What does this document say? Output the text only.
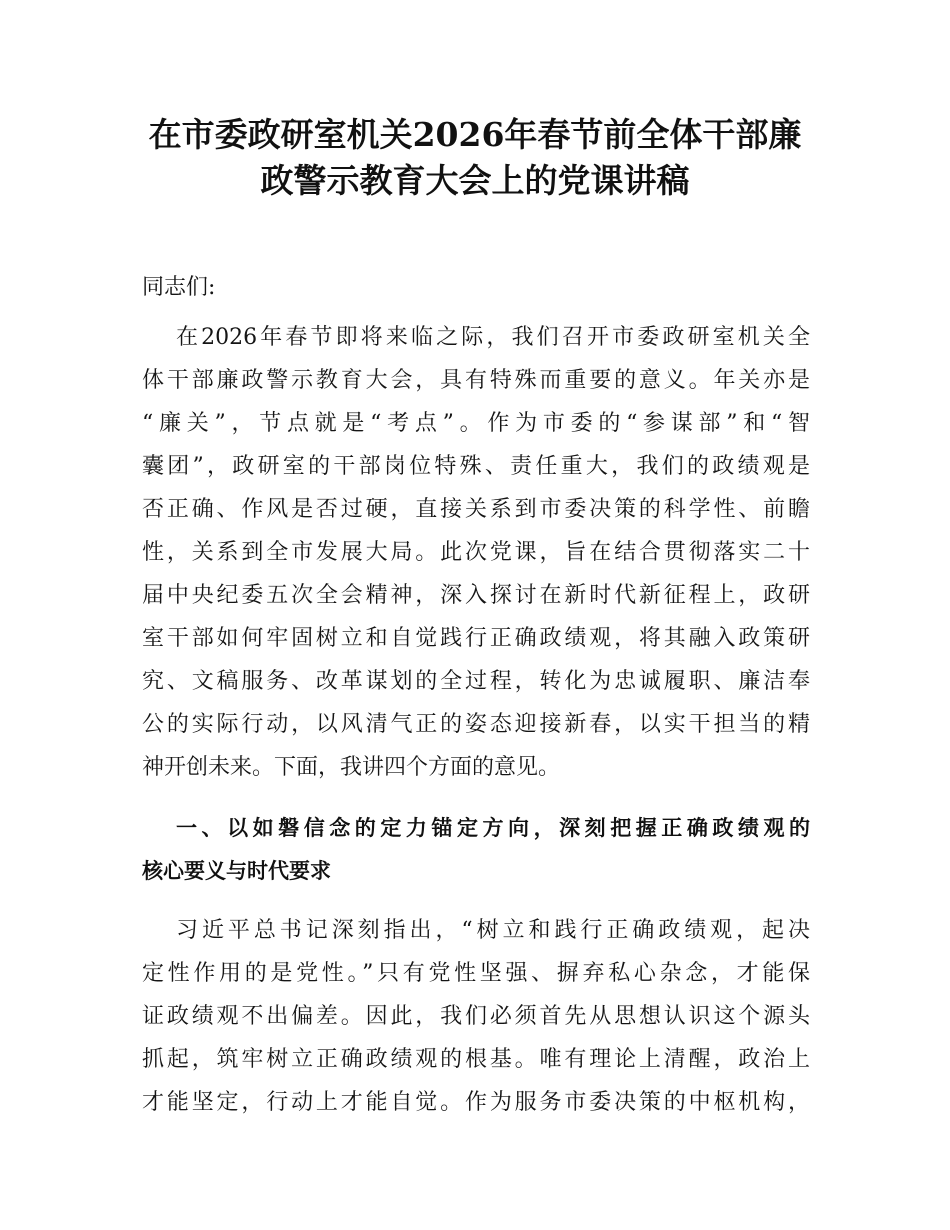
在市委政研室机关2026年春节前全体干部廉
政警示教育大会上的党课讲稿

同志们:

在2026年春节即将来临之际，我们召开市委政研室机关全

体干部廉政警示教育大会，具有特殊而重要的意义。年关亦是

“廉关”，节点就是“考点”。作为市委的“参谋部”和“智

囊团”，政研室的干部岗位特殊、责任重大，我们的政绩观是

否正确、作风是否过硬，直接关系到市委决策的科学性、前瞻

性，关系到全市发展大局。此次党课，旨在结合贯彻落实二十

届中央纪委五次全会精神，深入探讨在新时代新征程上，政研

室干部如何牢固树立和自觉践行正确政绩观，将其融入政策研

究、文稿服务、改革谋划的全过程，转化为忠诚履职、廉洁奉

公的实际行动，以风清气正的姿态迎接新春，以实干担当的精

神开创未来。下面，我讲四个方面的意见。

一、以如磐信念的定力锚定方向，深刻把握正确政绩观的
核心要义与时代要求

习近平总书记深刻指出，“树立和践行正确政绩观，起决

定性作用的是党性。”只有党性坚强、摒弃私心杂念，才能保

证政绩观不出偏差。因此，我们必须首先从思想认识这个源头

抓起，筑牢树立正确政绩观的根基。唯有理论上清醒，政治上

才能坚定，行动上才能自觉。作为服务市委决策的中枢机构，
